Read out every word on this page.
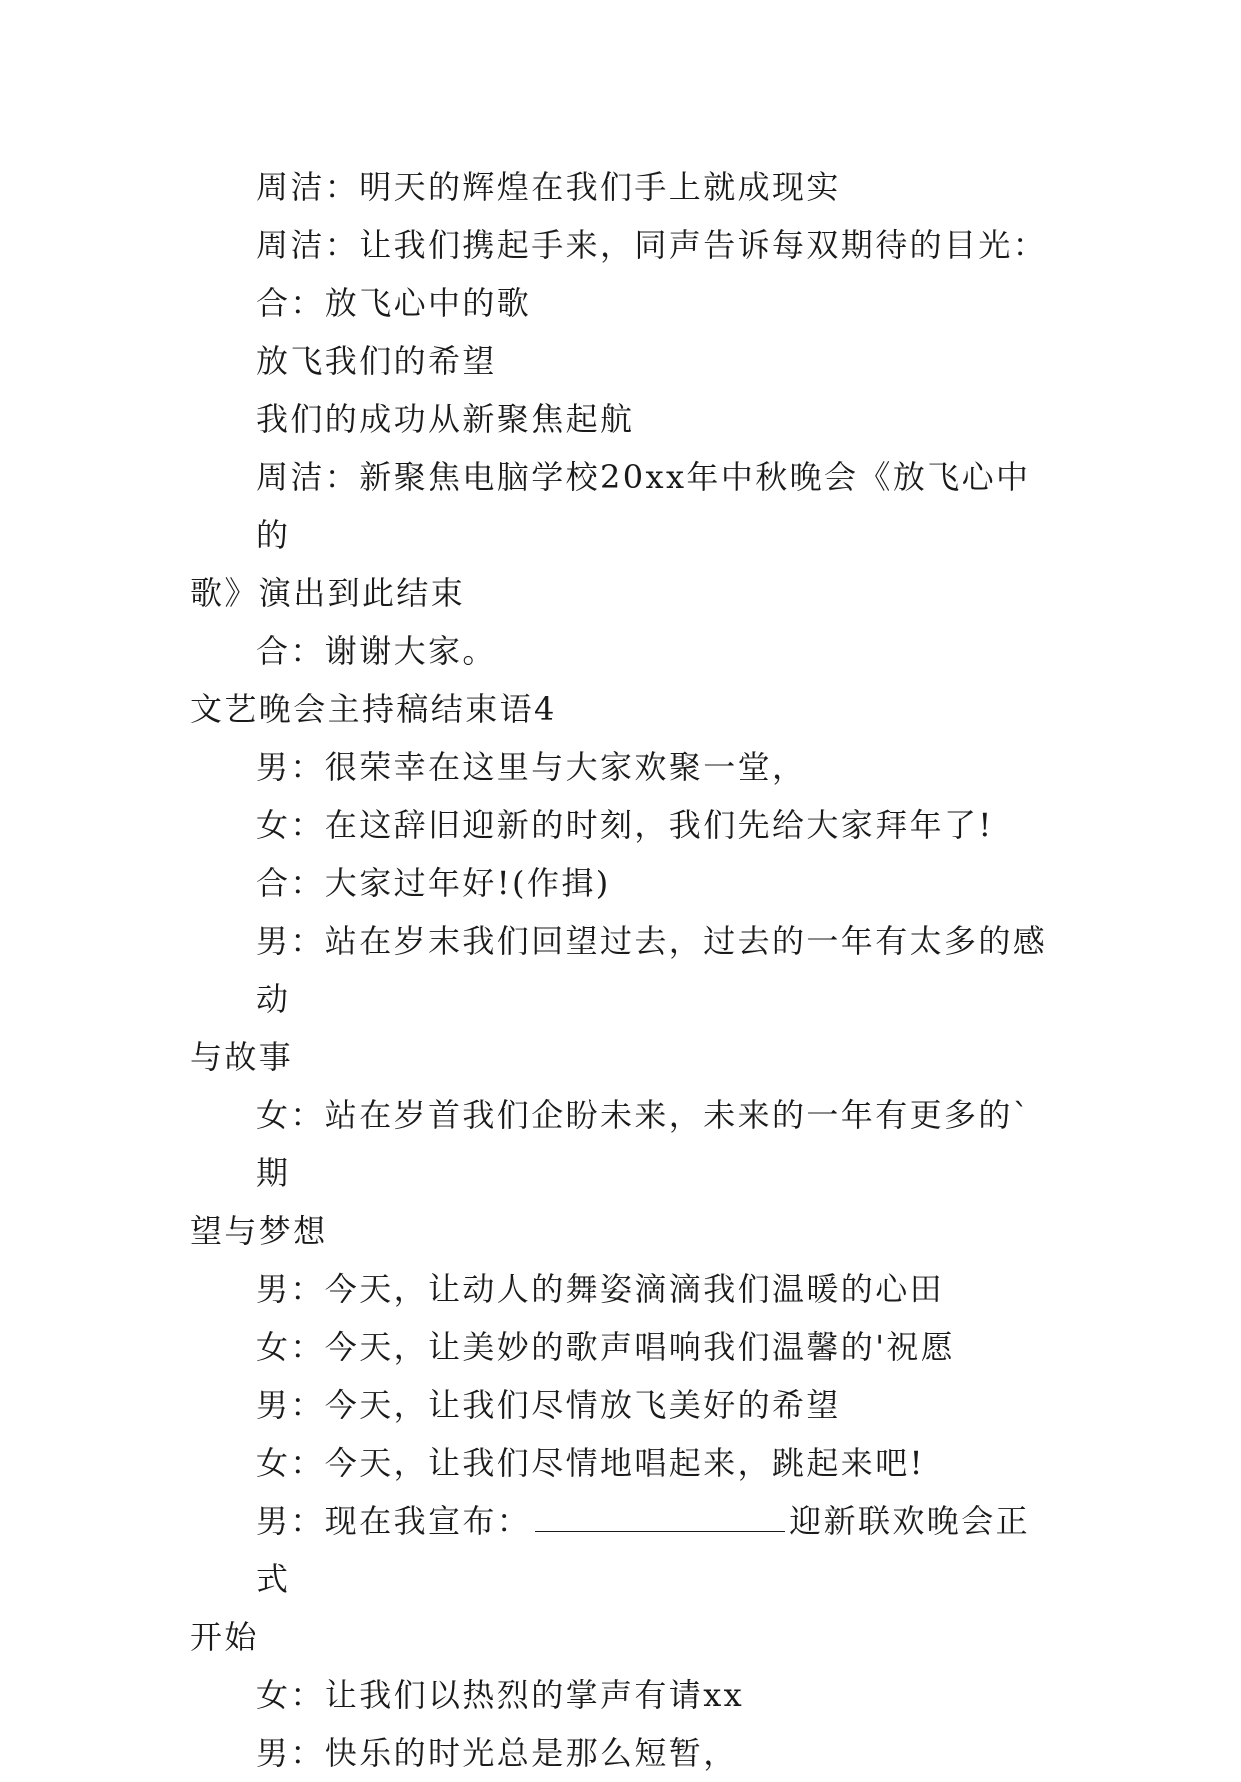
周洁：明天的辉煌在我们手上就成现实

周洁：让我们携起手来，同声告诉每双期待的目光：

合：放飞心中的歌

放飞我们的希望

我们的成功从新聚焦起航

周洁：新聚焦电脑学校20xx年中秋晚会《放飞心中的
歌》演出到此结束

合：谢谢大家。

文艺晚会主持稿结束语4

男：很荣幸在这里与大家欢聚一堂，

女：在这辞旧迎新的时刻，我们先给大家拜年了!

合：大家过年好!(作揖)

男：站在岁末我们回望过去，过去的一年有太多的感动
与故事

女：站在岁首我们企盼未来，未来的一年有更多的`期
望与梦想

男：今天，让动人的舞姿滴滴我们温暖的心田

女：今天，让美妙的歌声唱响我们温馨的'祝愿

男：今天，让我们尽情放飞美好的希望

女：今天，让我们尽情地唱起来，跳起来吧!

男：现在我宣布：	迎新联欢晚会正式
开始

女：让我们以热烈的掌声有请xx

男：快乐的时光总是那么短暂，
